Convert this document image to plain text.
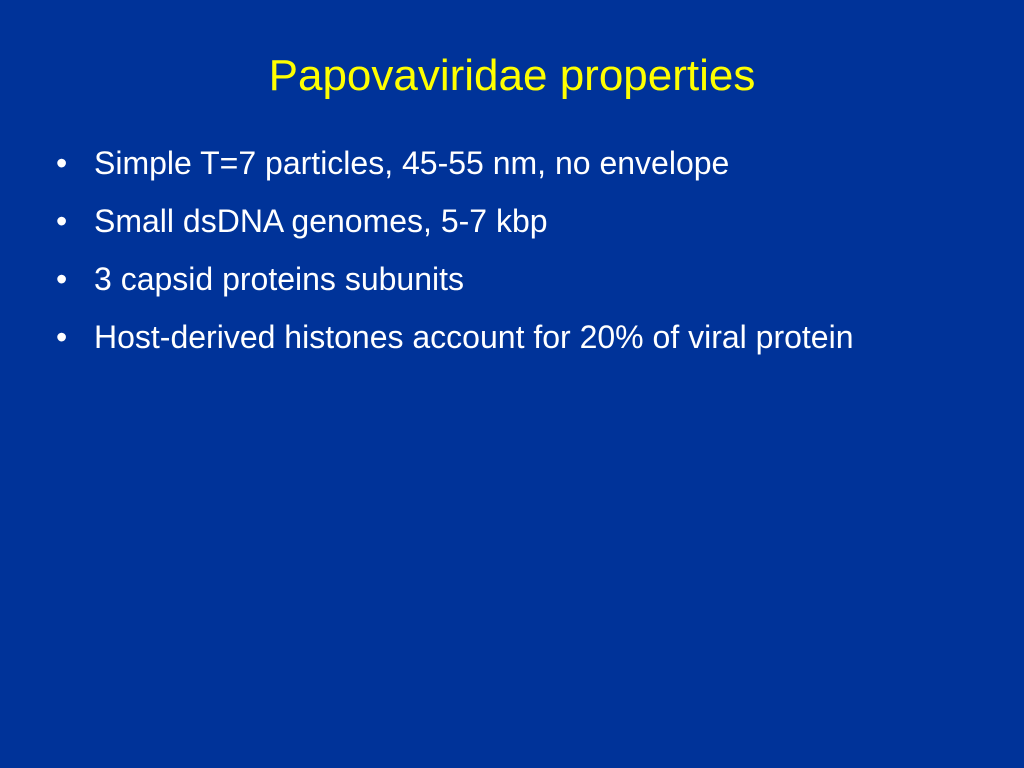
Papovaviridae properties
• Simple T=7 particles, 45-55 nm, no envelope
• Small dsDNA genomes, 5-7 kbp
• 3 capsid proteins subunits
• Host-derived histones account for 20% of viral protein
